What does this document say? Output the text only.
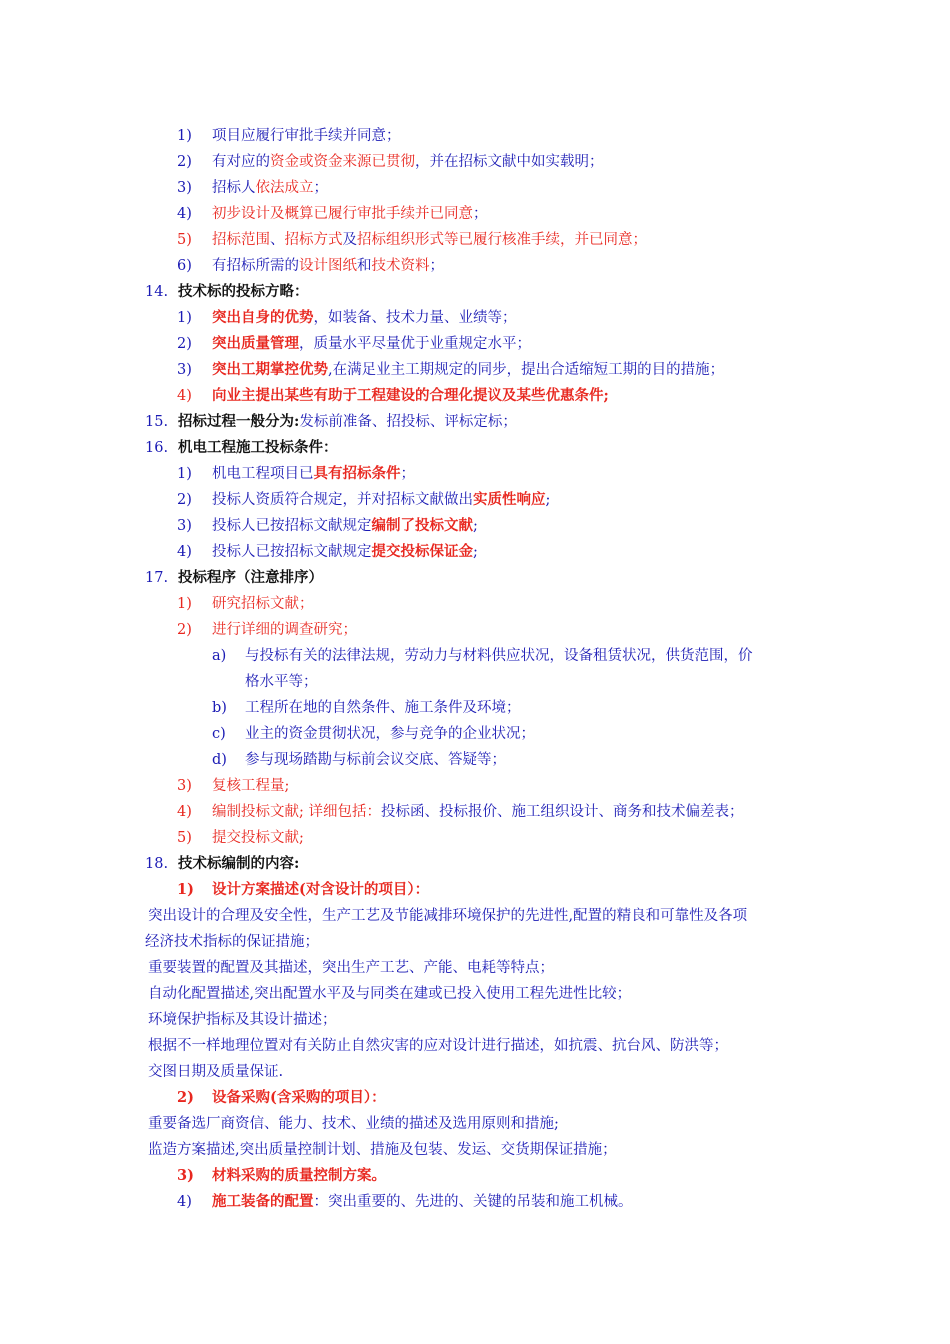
1) 项目应履行审批手续并同意；
2) 有对应的资金或资金来源已贯彻，并在招标文献中如实载明；
3) 招标人依法成立；
4) 初步设计及概算已履行审批手续并已同意；
5) 招标范围、招标方式及招标组织形式等已履行核准手续，并已同意；
6) 有招标所需的设计图纸和技术资料；
14. 技术标的投标方略：
1) 突出自身的优势，如装备、技术力量、业绩等；
2) 突出质量管理，质量水平尽量优于业重规定水平；
3) 突出工期掌控优势,在满足业主工期规定的同步，提出合适缩短工期的目的措施；
4) 向业主提出某些有助于工程建设的合理化提议及某些优惠条件;
15. 招标过程一般分为:发标前准备、招投标、评标定标；
16. 机电工程施工投标条件：
1) 机电工程项目已具有招标条件；
2) 投标人资质符合规定，并对招标文献做出实质性响应;
3) 投标人已按招标文献规定编制了投标文献;
4) 投标人已按招标文献规定提交投标保证金;
17. 投标程序（注意排序）
1) 研究招标文献；
2) 进行详细的调查研究；
a) 与投标有关的法律法规，劳动力与材料供应状况，设备租赁状况，供货范围，价
格水平等；
b) 工程所在地的自然条件、施工条件及环境；
c) 业主的资金贯彻状况，参与竞争的企业状况；
d) 参与现场踏勘与标前会议交底、答疑等；
3) 复核工程量;
4) 编制投标文献; 详细包括：投标函、投标报价、施工组织设计、商务和技术偏差表；
5) 提交投标文献;
18. 技术标编制的内容:
1) 设计方案描述(对含设计的项目）：
突出设计的合理及安全性，生产工艺及节能减排环境保护的先进性,配置的精良和可靠性及各项
经济技术指标的保证措施；
重要装置的配置及其描述，突出生产工艺、产能、电耗等特点；
自动化配置描述,突出配置水平及与同类在建或已投入使用工程先进性比较；
环境保护指标及其设计描述；
根据不一样地理位置对有关防止自然灾害的应对设计进行描述，如抗震、抗台风、防洪等；
交图日期及质量保证.
2) 设备采购(含采购的项目）：
重要备选厂商资信、能力、技术、业绩的描述及选用原则和措施;
监造方案描述,突出质量控制计划、措施及包装、发运、交货期保证措施；
3) 材料采购的质量控制方案。
4) 施工装备的配置：突出重要的、先进的、关键的吊装和施工机械。
